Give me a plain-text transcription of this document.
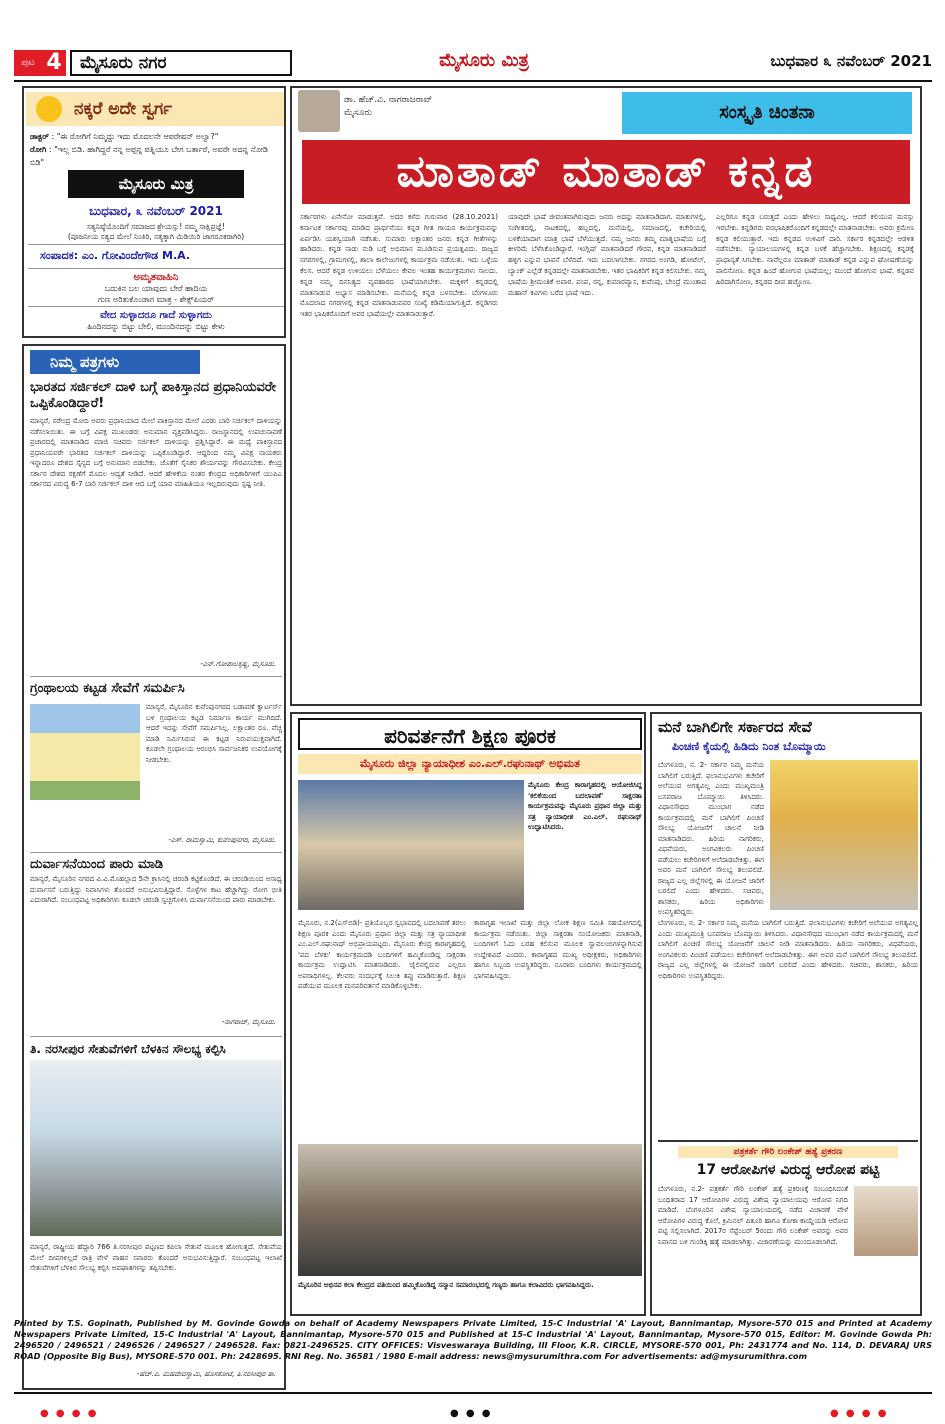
ಪುಟ 4	ಮೈಸೂರು ನಗರ	ಮೈಸೂರು ಮಿತ್ರ	ಬುಧವಾರ ೩ ನವೆಂಬರ್ 2021
ನಕ್ಕರೆ ಅದೇ ಸ್ವರ್ಗ
ಡಾಕ್ಟರ್ : "ಈ ರೋಗಿಗೆ ನಿಮ್ಮದ್ದು ಇದು ಮೊದಲನೇ ಆಪರೇಷನ್ ಅಲ್ವಾ?"
ರೋಗಿ : "ಇಲ್ಲ ಬಿಡಿ. ಹಾಗಿದ್ದರೆ ನನ್ನ ಅಪ್ಪನ್ನ ಪತ್ನಿಯೂ ಬೇಗ ಬರ್ತಾರೆ, ಅವರೇ ಅದನ್ನ ನೋಡಿ ಬಿಡಿ"
ಮೈಸೂರು ಮಿತ್ರ
ಬುಧವಾರ, ೩ ನವೆಂಬರ್ 2021
ಸತ್ಯನಿಷ್ಠೆಯೊಂದಿಗೆ ಸಮಾಜದ ಶ್ರೇಯಸ್ಸು! ನಮ್ಮ ಸಾಕ್ಷಿಪ್ರಜ್ಞೆ!
(ಪೂಜನೀಯ ಸತ್ಯದ ಮೇಲೆ ನಿಂತಿರಿ, ಸತ್ಯಕ್ಕಾಗಿ ಮಿಡಿಯಿರಿ ಜಾಗರೂಕರಾಗಿರಿ)
ಸಂಪಾದಕ: ಎಂ. ಗೋವಿಂದೇಗೌಡ M.A.
ಅಮೃತವಾಹಿನಿ
ಬದುಕಿನ ಬಲ ಯಾವುದು ಬೇರೆ ಹಾದಿಯ
ಗುಣ ಅರಿತುಕೊಂಡಾಗ ಮಾತ್ರ - ಶೇಕ್ಸ್‌ಪಿಯರ್
ವೇದ ಸುಳ್ಳಾದರೂ ಗಾದೆ ಸುಳ್ಳಾಗದು
ಹಿಂದಿನದನ್ನು ಬಿಟ್ಟು ಬೇಲಿ, ಮುಂದಿನದನ್ನು ಬಿಟ್ಟು ಕೇಳು
ನಿಮ್ಮ ಪತ್ರಗಳು
ಭಾರತದ ಸರ್ಜಿಕಲ್ ದಾಳಿ ಬಗ್ಗೆ ಪಾಕಿಸ್ತಾನದ ಪ್ರಧಾನಿಯವರೇ ಒಪ್ಪಿಕೊಂಡಿದ್ದಾರೆ!
ಮಾನ್ಯರೆ, ನರೇಂದ್ರ ಮೋದಿ ಅವರು ಪ್ರಧಾನಿಯಾದ ಮೇಲೆ ಪಾಕಿಸ್ತಾನದ ಮೇಲೆ ಎರಡು ಬಾರಿ ಸರ್ಜಿಕಲ್ ದಾಳಿಯನ್ನು ನಡೆಸಲಾಯಿತು. ಈ ಬಗ್ಗೆ ವಿಪಕ್ಷ ಮುಖಂಡರು ಅನುಮಾನ ವ್ಯಕ್ತಪಡಿಸಿದ್ದರು. ರಾಜಸ್ಥಾನದಲ್ಲಿ ಉಪಚುನಾವಣೆ ಪ್ರಚಾರದಲ್ಲಿ ಮಾತನಾಡಿದ ಮಾಜಿ ಸಚಿವರು ಸರ್ಜಿಕಲ್ ದಾಳಿಯನ್ನು ಪ್ರಶ್ನಿಸಿದ್ದಾರೆ. ಈ ಮಧ್ಯೆ ಪಾಕಿಸ್ತಾನದ ಪ್ರಧಾನಿಯವರೇ ಭಾರತದ ಸರ್ಜಿಕಲ್ ದಾಳಿಯನ್ನು ಒಪ್ಪಿಕೊಂಡಿದ್ದಾರೆ. ಆದ್ದರಿಂದ ನಮ್ಮ ವಿಪಕ್ಷ ನಾಯಕರು ಇನ್ನಾದರೂ ದೇಶದ ಸೈನ್ಯದ ಬಗ್ಗೆ ಅನುಮಾನ ಬಿಡಬೇಕು. ಜೊತೆಗೆ ಸೈನಿಕರ ಶೌರ್ಯವನ್ನು ಗೌರವಿಸಬೇಕು. ಕೇಂದ್ರ ಸರ್ಕಾರ ದೇಶದ ರಕ್ಷಣೆಗೆ ಮೊದಲ ಆದ್ಯತೆ ನೀಡಿದೆ. ಆದರೆ ಹೇಳಿಕೆಯ ನಂತರ ಕೇಂದ್ರದ ಅಧಿಕಾರಿಗಳಿಗೆ ಯುಪಿಎ ಸರ್ಕಾರದ ವಿರುದ್ಧ 6-7 ಬಾರಿ ಸರ್ಜಿಕಲ್ ದಾಳಿ ಆದ ಬಗ್ಗೆ ಯಾವ ಮಾಹಿತಿಯೂ ಇಲ್ಲದಿರುವುದು ಸ್ಪಷ್ಟ ನೀತಿ.
-ಎನ್.ಗೋಪಾಲಕೃಷ್ಣ, ಮೈಸೂರು.
ಗ್ರಂಥಾಲಯ ಕಟ್ಟಡ ಸೇವೆಗೆ ಸಮರ್ಪಿಸಿ
ಮಾನ್ಯರೆ, ಮೈಸೂರಿನ ಕುವೆಂಪುನಗರದ ಬಡಾವಣೆ ಕ್ವಾರ್ಟರ್ಸ್ ಬಳಿ ಗ್ರಂಥಾಲಯ ಕಟ್ಟಡ ನಿರ್ಮಾಣ ಕಾರ್ಯ ಮುಗಿದಿದೆ. ಆದರೆ ಇದನ್ನು ಸೇವೆಗೆ ಸಮರ್ಪಿಸಿಲ್ಲ. ಲಕ್ಷಾಂತರ ರೂ. ವೆಚ್ಚ ಮಾಡಿ ನಿರ್ಮಿಸಿರುವ ಈ ಕಟ್ಟಡ ನಿರುಪಯುಕ್ತವಾಗಿದೆ. ಕೂಡಲೇ ಗ್ರಂಥಾಲಯ ಆರಂಭಿಸಿ ಸಾರ್ವಜನಿಕರ ಉಪಯೋಗಕ್ಕೆ ನೀಡಬೇಕು.
-ಎಸ್. ರಾಮಸ್ವಾಮಿ, ಕುವೆಂಪುನಗರ, ಮೈಸೂರು.
ದುರ್ವಾಸನೆಯಿಂದ ಪಾರು ಮಾಡಿ
ಮಾನ್ಯರೆ, ಮೈಸೂರಿನ ನಗರದ ವಿ.ವಿ.ಮೊಹಲ್ಲಾದ 5ನೇ ಕ್ರಾಸಿನಲ್ಲಿ ಚರಂಡಿ ಕಟ್ಟಿಕೊಂಡಿದೆ. ಈ ಚರಂಡಿಯಿಂದ ಅಸಾಧ್ಯ ದುರ್ವಾಸನೆ ಬರುತ್ತಿದ್ದು ನಿವಾಸಿಗಳು ತೊಂದರೆ ಅನುಭವಿಸುತ್ತಿದ್ದಾರೆ. ಸೊಳ್ಳೆಗಳ ಕಾಟ ಹೆಚ್ಚಾಗಿದ್ದು ರೋಗ ಭೀತಿ ಎದುರಾಗಿದೆ. ಸಂಬಂಧಪಟ್ಟ ಅಧಿಕಾರಿಗಳು ಕೂಡಲೇ ಚರಂಡಿ ಸ್ವಚ್ಛಗೊಳಿಸಿ ದುರ್ವಾಸನೆಯಿಂದ ಪಾರು ಮಾಡಬೇಕು.
-ನಾಗರಾಜ್, ಮೈಸೂರು.
ತಿ. ನರಸೀಪುರ ಸೇತುವೆಗಳಿಗೆ ಬೆಳಕಿನ ಸೌಲಭ್ಯ ಕಲ್ಪಿಸಿ
ಮಾನ್ಯರೆ, ರಾಷ್ಟ್ರೀಯ ಹೆದ್ದಾರಿ 766 ತಿ.ನರಸೀಪುರ ಪಟ್ಟಣದ ಕಪಿಲಾ ಸೇತುವೆ ಮೂಲಕ ಹೋಗುತ್ತದೆ. ಸೇತುವೆಯ ಮೇಲೆ ದೀಪಗಳಿಲ್ಲದೆ ರಾತ್ರಿ ವೇಳೆ ವಾಹನ ಸವಾರರು ತೊಂದರೆ ಅನುಭವಿಸುತ್ತಿದ್ದಾರೆ. ಸಂಬಂಧಪಟ್ಟ ಇಲಾಖೆ ಸೇತುವೆಗಳಿಗೆ ಬೆಳಕಿನ ಸೌಲಭ್ಯ ಕಲ್ಪಿಸಿ ಅಪಘಾತಗಳನ್ನು ತಪ್ಪಿಸಬೇಕು.
-ಹೆಚ್.ಪಿ. ಮಹದೇವಸ್ವಾಮಿ, ಹೊಸಕೋಟೆ, ತಿ.ನರಸೀಪುರ ತಾ.
ಡಾ. ಹೆಚ್.ವಿ. ನಾಗರಾಜರಾವ್
ಮೈಸೂರು	ಸಂಸ್ಕೃತಿ ಚಿಂತನಾ
ಮಾತಾಡ್ ಮಾತಾಡ್ ಕನ್ನಡ
ಸರ್ಕಾರಗಳು ಏನೇನೋ ಮಾಡುತ್ತವೆ. ಅದರ ಕಳೆದ ಗುರುವಾರ (28.10.2021) ಕರ್ನಾಟಕ ಸರ್ಕಾರವು ಮಾಡಿದ ಪ್ರಾರ್ಥನೆಯು ಕನ್ನಡ ಗೀತ ಗಾಯನ ಕಾರ್ಯಕ್ರಮವನ್ನು ಏರ್ಪಡಿಸಿ ಯಶಸ್ವಿಯಾಗಿ ನಡೆಸಿತು. ಸುಮಾರು ಲಕ್ಷಾಂತರ ಜನರು ಕನ್ನಡ ಗೀತೆಗಳನ್ನು ಹಾಡಿದರು. ಕನ್ನಡ ನಾಡು ನುಡಿ ಬಗ್ಗೆ ಅಭಿಮಾನ ಮೂಡಿಸುವ ಪ್ರಯತ್ನವಿದು. ರಾಜ್ಯದ ನಗರಗಳಲ್ಲಿ, ಗ್ರಾಮಗಳಲ್ಲಿ, ಶಾಲಾ ಕಾಲೇಜುಗಳಲ್ಲಿ ಕಾರ್ಯಕ್ರಮ ನಡೆಯಿತು. ಇದು ಒಳ್ಳೆಯ ಕೆಲಸ. ಆದರೆ ಕನ್ನಡ ಉಳಿಯಲು ಬೆಳೆಯಲು ಕೇವಲ ಇಂತಹ ಕಾರ್ಯಕ್ರಮಗಳು ಸಾಲದು. ಕನ್ನಡ ನಮ್ಮ ದಿನನಿತ್ಯದ ವ್ಯವಹಾರದ ಭಾಷೆಯಾಗಬೇಕು. ಮಕ್ಕಳಿಗೆ ಕನ್ನಡದಲ್ಲಿ ಮಾತನಾಡುವ ಅಭ್ಯಾಸ ಮಾಡಿಸಬೇಕು. ಮನೆಯಲ್ಲಿ ಕನ್ನಡ ಬಳಸಬೇಕು. ಬೆಂಗಳೂರು ಮೊದಲಾದ ನಗರಗಳಲ್ಲಿ ಕನ್ನಡ ಮಾತನಾಡುವವರ ಸಂಖ್ಯೆ ಕಡಿಮೆಯಾಗುತ್ತಿದೆ. ಕನ್ನಡಿಗರು ಇತರ ಭಾಷಿಕರೊಂದಿಗೆ ಅವರ ಭಾಷೆಯಲ್ಲೇ ಮಾತನಾಡುತ್ತಾರೆ.
ಯಾವುದೇ ಭಾಷೆ ಜೀವಂತವಾಗಿರುವುದು ಜನರು ಅದನ್ನು ಮಾತನಾಡಿದಾಗ. ಮಾತುಗಳಲ್ಲಿ, ಸಂಗೀತದಲ್ಲಿ, ನಾಟಕದಲ್ಲಿ, ಹಬ್ಬದಲ್ಲಿ, ಮನೆಯಲ್ಲಿ, ಸಮಾಜದಲ್ಲಿ, ಕಚೇರಿಯಲ್ಲಿ ಬಳಕೆಯಾದಾಗ ಮಾತ್ರ ಭಾಷೆ ಬೆಳೆಯುತ್ತದೆ. ನಮ್ಮ ಜನರು ತಮ್ಮ ಮಾತೃಭಾಷೆಯ ಬಗ್ಗೆ ಕೀಳರಿಮೆ ಬೆಳೆಸಿಕೊಂಡಿದ್ದಾರೆ. ಇಂಗ್ಲಿಷ್ ಮಾತನಾಡಿದರೆ ಗೌರವ, ಕನ್ನಡ ಮಾತನಾಡಿದರೆ ಹಳ್ಳಿಗ ಎನ್ನುವ ಭಾವನೆ ಬೆಳೆದಿದೆ. ಇದು ಬದಲಾಗಬೇಕು. ನಗರದ ಅಂಗಡಿ, ಹೋಟೆಲ್, ಬ್ಯಾಂಕ್ ಎಲ್ಲೆಡೆ ಕನ್ನಡದಲ್ಲೇ ಮಾತನಾಡಬೇಕು. ಇತರ ಭಾಷಿಕರಿಗೆ ಕನ್ನಡ ಕಲಿಸಬೇಕು. ನಮ್ಮ ಭಾಷೆಯ ಶ್ರೀಮಂತಿಕೆ ಅಪಾರ. ಪಂಪ, ರನ್ನ, ಕುಮಾರವ್ಯಾಸ, ಕುವೆಂಪು, ಬೇಂದ್ರೆ ಮುಂತಾದ ಮಹಾನ್ ಕವಿಗಳು ಬರೆದ ಭಾಷೆ ಇದು.
ಎಲ್ಲರಿಗೂ ಕನ್ನಡ ಬರುತ್ತದೆ ಎಂದು ಹೇಳಲು ಸಾಧ್ಯವಿಲ್ಲ. ಆದರೆ ಕಲಿಯುವ ಮನಸ್ಸು ಇರಬೇಕು. ಕನ್ನಡಿಗರು ಪರಭಾಷಿಕರೊಂದಿಗೆ ಕನ್ನಡದಲ್ಲೇ ಮಾತನಾಡಬೇಕು. ಅವರು ಕ್ರಮೇಣ ಕನ್ನಡ ಕಲಿಯುತ್ತಾರೆ. ಇದು ಕನ್ನಡದ ಉಳಿವಿಗೆ ದಾರಿ. ಸರ್ಕಾರ ಕನ್ನಡದಲ್ಲೇ ಆಡಳಿತ ನಡೆಸಬೇಕು. ನ್ಯಾಯಾಲಯಗಳಲ್ಲಿ ಕನ್ನಡ ಬಳಕೆ ಹೆಚ್ಚಾಗಬೇಕು. ಶಿಕ್ಷಣದಲ್ಲಿ ಕನ್ನಡಕ್ಕೆ ಪ್ರಾಧಾನ್ಯತೆ ಸಿಗಬೇಕು. ನಾವೆಲ್ಲರೂ ಮಾತಾಡ್ ಮಾತಾಡ್ ಕನ್ನಡ ಎನ್ನುವ ಘೋಷಣೆಯನ್ನು ಪಾಲಿಸೋಣ. ಕನ್ನಡ ಹಿಂದೆ ಹೋಗುವ ಭಾಷೆಯಲ್ಲ; ಮುಂದೆ ಹೋಗುವ ಭಾಷೆ. ಕನ್ನಡವ ಹಿರಿದಾಗಿಸೋಣ, ಕನ್ನಡದ ದೀಪ ಹಚ್ಚೋಣ.
ಪರಿವರ್ತನೆಗೆ ಶಿಕ್ಷಣ ಪೂರಕ
ಮೈಸೂರು ಜಿಲ್ಲಾ ನ್ಯಾಯಾಧೀಶ ಎಂ.ಎಲ್.ರಘುನಾಥ್ ಅಭಿಮತ
ಮೈಸೂರು ಕೇಂದ್ರ ಕಾರಾಗೃಹದಲ್ಲಿ ಆಯೋಜಿಸಿದ್ದ 'ಕಲಿಕೆಯಿಂದ ಬದಲಾವಣೆ' ಸಾಕ್ಷರತಾ ಕಾರ್ಯಕ್ರಮವನ್ನು ಮೈಸೂರು ಪ್ರಧಾನ ಜಿಲ್ಲಾ ಮತ್ತು ಸತ್ರ ನ್ಯಾಯಾಧೀಶ ಎಂ.ಎಲ್. ರಘುನಾಥ್ ಉದ್ಘಾಟಿಸಿದರು.
ಮೈಸೂರು, ನ.2(ಎಸ್‌ಬಿಡಿ)- ಪ್ರತಿಯೊಬ್ಬರ ಸ್ವಭಾವದಲ್ಲಿ ಬದಲಾವಣೆ ತರಲು ಶಿಕ್ಷಣ ಪೂರಕ ಎಂದು ಮೈಸೂರು ಪ್ರಧಾನ ಜಿಲ್ಲಾ ಮತ್ತು ಸತ್ರ ನ್ಯಾಯಾಧೀಶ ಎಂ.ಎಲ್.ರಘುನಾಥ್ ಅಭಿಪ್ರಾಯಪಟ್ಟರು. ಮೈಸೂರು ಕೇಂದ್ರ ಕಾರಾಗೃಹದಲ್ಲಿ 'ಪದ ಬೆಳಕು' ಕಾರ್ಯಕ್ರಮದಡಿ ಬಂದಿಗಳಿಗೆ ಹಮ್ಮಿಕೊಂಡಿದ್ದ ಸಾಕ್ಷರತಾ ಕಾರ್ಯಕ್ರಮ ಉದ್ಘಾಟಿಸಿ ಮಾತನಾಡಿದರು. ಜೈಲಿನಲ್ಲಿರುವ ಎಲ್ಲರೂ ಅಪರಾಧಿಗಳಲ್ಲ. ಕೆಲವರು ಸಂದರ್ಭಕ್ಕೆ ಸಿಲುಕಿ ತಪ್ಪು ಮಾಡಿರುತ್ತಾರೆ. ಶಿಕ್ಷಣ ಪಡೆಯುವ ಮೂಲಕ ಮನಪರಿವರ್ತನೆ ಮಾಡಿಕೊಳ್ಳಬೇಕು.
ಕಾರಾಗೃಹ ಇಲಾಖೆ ಮತ್ತು ಜಿಲ್ಲಾ ಲೋಕ ಶಿಕ್ಷಣ ಸಮಿತಿ ಸಹಯೋಗದಲ್ಲಿ ಕಾರ್ಯಕ್ರಮ ನಡೆಯಿತು. ಜಿಲ್ಲಾ ಸಾಕ್ಷರತಾ ಸಂಯೋಜಕರು ಮಾತನಾಡಿ, ಬಂದಿಗಳಿಗೆ ಓದು ಬರಹ ಕಲಿಸುವ ಮೂಲಕ ಸ್ವಾವಲಂಬಿಗಳನ್ನಾಗಿಸುವ ಉದ್ದೇಶವಿದೆ ಎಂದರು. ಕಾರಾಗೃಹದ ಮುಖ್ಯ ಅಧೀಕ್ಷಕರು, ಅಧಿಕಾರಿಗಳು ಹಾಗೂ ಸಿಬ್ಬಂದಿ ಉಪಸ್ಥಿತರಿದ್ದರು. ನೂರಾರು ಬಂದಿಗಳು ಕಾರ್ಯಕ್ರಮದಲ್ಲಿ ಭಾಗವಹಿಸಿದ್ದರು.
ಮೈಸೂರಿನ ಅಭಿನವ ಕಲಾ ಕೇಂದ್ರದ ವತಿಯಿಂದ ಹಮ್ಮಿಕೊಂಡಿದ್ದ ಸನ್ಮಾನ ಸಮಾರಂಭದಲ್ಲಿ ಗಣ್ಯರು ಹಾಗೂ ಕಲಾವಿದರು ಭಾಗವಹಿಸಿದ್ದರು.
ಮನೆ ಬಾಗಿಲಿಗೇ ಸರ್ಕಾರದ ಸೇವೆ
ಪಿಂಚಣಿ ಕೈಯಲ್ಲಿ ಹಿಡಿದು ನಿಂತ ಬೊಮ್ಮಾಯಿ
ಬೆಂಗಳೂರು, ನ. 2- ಸರ್ಕಾರ ನಿಮ್ಮ ಮನೆಯ ಬಾಗಿಲಿಗೆ ಬರುತ್ತಿದೆ. ಫಲಾನುಭವಿಗಳು ಕಚೇರಿಗೆ ಅಲೆಯುವ ಅಗತ್ಯವಿಲ್ಲ ಎಂದು ಮುಖ್ಯಮಂತ್ರಿ ಬಸವರಾಜ ಬೊಮ್ಮಾಯಿ ತಿಳಿಸಿದರು. ವಿಧಾನಸೌಧದ ಮುಂಭಾಗ ನಡೆದ ಕಾರ್ಯಕ್ರಮದಲ್ಲಿ ಮನೆ ಬಾಗಿಲಿಗೆ ಪಿಂಚಣಿ ಸೌಲಭ್ಯ ಯೋಜನೆಗೆ ಚಾಲನೆ ನೀಡಿ ಮಾತನಾಡಿದರು. ಹಿರಿಯ ನಾಗರಿಕರು, ವಿಧವೆಯರು, ಅಂಗವಿಕಲರು ಪಿಂಚಣಿ ಪಡೆಯಲು ಕಚೇರಿಗಳಿಗೆ ಅಲೆದಾಡಬೇಕಿತ್ತು. ಈಗ ಅವರ ಮನೆ ಬಾಗಿಲಿಗೆ ಸೌಲಭ್ಯ ತಲುಪಲಿದೆ. ರಾಜ್ಯದ ಎಲ್ಲ ಜಿಲ್ಲೆಗಳಲ್ಲಿ ಈ ಯೋಜನೆ ಜಾರಿಗೆ ಬರಲಿದೆ ಎಂದು ಹೇಳಿದರು. ಸಚಿವರು, ಶಾಸಕರು, ಹಿರಿಯ ಅಧಿಕಾರಿಗಳು ಉಪಸ್ಥಿತರಿದ್ದರು.
ಬೆಂಗಳೂರು, ನ. 2- ಸರ್ಕಾರ ನಿಮ್ಮ ಮನೆಯ ಬಾಗಿಲಿಗೆ ಬರುತ್ತಿದೆ. ಫಲಾನುಭವಿಗಳು ಕಚೇರಿಗೆ ಅಲೆಯುವ ಅಗತ್ಯವಿಲ್ಲ ಎಂದು ಮುಖ್ಯಮಂತ್ರಿ ಬಸವರಾಜ ಬೊಮ್ಮಾಯಿ ತಿಳಿಸಿದರು. ವಿಧಾನಸೌಧದ ಮುಂಭಾಗ ನಡೆದ ಕಾರ್ಯಕ್ರಮದಲ್ಲಿ ಮನೆ ಬಾಗಿಲಿಗೆ ಪಿಂಚಣಿ ಸೌಲಭ್ಯ ಯೋಜನೆಗೆ ಚಾಲನೆ ನೀಡಿ ಮಾತನಾಡಿದರು. ಹಿರಿಯ ನಾಗರಿಕರು, ವಿಧವೆಯರು, ಅಂಗವಿಕಲರು ಪಿಂಚಣಿ ಪಡೆಯಲು ಕಚೇರಿಗಳಿಗೆ ಅಲೆದಾಡಬೇಕಿತ್ತು. ಈಗ ಅವರ ಮನೆ ಬಾಗಿಲಿಗೆ ಸೌಲಭ್ಯ ತಲುಪಲಿದೆ. ರಾಜ್ಯದ ಎಲ್ಲ ಜಿಲ್ಲೆಗಳಲ್ಲಿ ಈ ಯೋಜನೆ ಜಾರಿಗೆ ಬರಲಿದೆ ಎಂದು ಹೇಳಿದರು. ಸಚಿವರು, ಶಾಸಕರು, ಹಿರಿಯ ಅಧಿಕಾರಿಗಳು ಉಪಸ್ಥಿತರಿದ್ದರು.
ಪತ್ರಕರ್ತೆ ಗೌರಿ ಲಂಕೇಶ್ ಹತ್ಯೆ ಪ್ರಕರಣ
17 ಆರೋಪಿಗಳ ವಿರುದ್ಧ ಆರೋಪ ಪಟ್ಟಿ
ಬೆಂಗಳೂರು, ನ.2- ಪತ್ರಕರ್ತೆ ಗೌರಿ ಲಂಕೇಶ್ ಹತ್ಯೆ ಪ್ರಕರಣಕ್ಕೆ ಸಂಬಂಧಿಸಿದಂತೆ ಬಂಧಿತರಾದ 17 ಆರೋಪಿಗಳ ವಿರುದ್ಧ ವಿಶೇಷ ನ್ಯಾಯಾಲಯವು ಆರೋಪ ನಿಗದಿ ಮಾಡಿದೆ. ಬೆಂಗಳೂರಿನ ವಿಶೇಷ ನ್ಯಾಯಾಲಯದಲ್ಲಿ ನಡೆದ ವಿಚಾರಣೆ ವೇಳೆ ಆರೋಪಿಗಳ ವಿರುದ್ಧ ಕೊಲೆ, ಕ್ರಿಮಿನಲ್ ಪಿತೂರಿ ಹಾಗೂ ಕೋಕಾ ಕಾಯ್ದೆಯಡಿ ಆರೋಪ ಪಟ್ಟಿ ಸಲ್ಲಿಸಲಾಗಿದೆ. 2017ರ ಸೆಪ್ಟೆಂಬರ್ 5ರಂದು ಗೌರಿ ಲಂಕೇಶ್ ಅವರನ್ನು ಅವರ ನಿವಾಸದ ಬಳಿ ಗುಂಡಿಕ್ಕಿ ಹತ್ಯೆ ಮಾಡಲಾಗಿತ್ತು. ವಿಚಾರಣೆಯನ್ನು ಮುಂದೂಡಲಾಗಿದೆ.
Printed by T.S. Gopinath, Published by M. Govinde Gowda on behalf of Academy Newspapers Private Limited, 15-C Industrial 'A' Layout, Bannimantap, Mysore-570 015 and Printed at Academy Newspapers Private Limited, 15-C Industrial 'A' Layout, Bannimantap, Mysore-570 015 and Published at 15-C Industrial 'A' Layout, Bannimantap, Mysore-570 015, Editor: M. Govinde Gowda Ph: 2496520 / 2496521 / 2496526 / 2496527 / 2496528. Fax: 0821-2496525. CITY OFFICES: Visveswaraya Building, III Floor, K.R. CIRCLE, MYSORE-570 001, Ph: 2431774 and No. 114, D. DEVARAJ URS ROAD (Opposite Big Bus), MYSORE-570 001. Ph: 2428695. RNI Reg. No. 36581 / 1980 E-mail address: news@mysurumithra.com For advertisements: ad@mysurumithra.com
● ● ● ●	● ● ●	● ● ● ●
